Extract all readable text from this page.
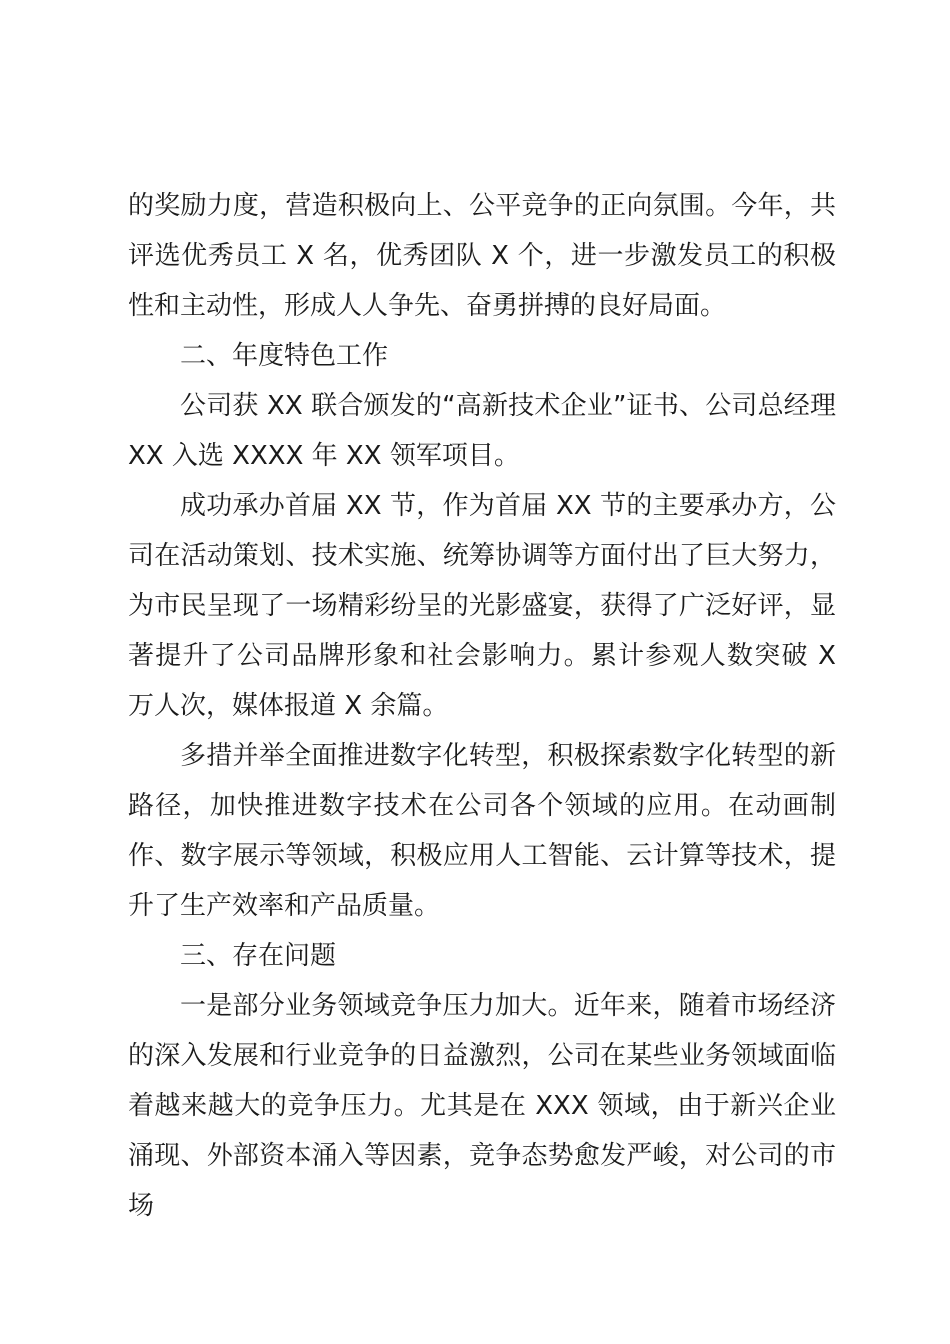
的奖励力度，营造积极向上、公平竞争的正向氛围。今年，共评选优秀员工 X 名，优秀团队 X 个，进一步激发员工的积极性和主动性，形成人人争先、奋勇拼搏的良好局面。

二、年度特色工作

公司获 XX 联合颁发的“高新技术企业”证书、公司总经理 XX 入选 XXXX 年 XX 领军项目。

成功承办首届 XX 节，作为首届 XX 节的主要承办方，公司在活动策划、技术实施、统筹协调等方面付出了巨大努力，为市民呈现了一场精彩纷呈的光影盛宴，获得了广泛好评，显著提升了公司品牌形象和社会影响力。累计参观人数突破 X 万人次，媒体报道 X 余篇。

多措并举全面推进数字化转型，积极探索数字化转型的新路径，加快推进数字技术在公司各个领域的应用。在动画制作、数字展示等领域，积极应用人工智能、云计算等技术，提升了生产效率和产品质量。

三、存在问题

一是部分业务领域竞争压力加大。近年来，随着市场经济的深入发展和行业竞争的日益激烈，公司在某些业务领域面临着越来越大的竞争压力。尤其是在 XXX 领域，由于新兴企业涌现、外部资本涌入等因素，竞争态势愈发严峻，对公司的市场
